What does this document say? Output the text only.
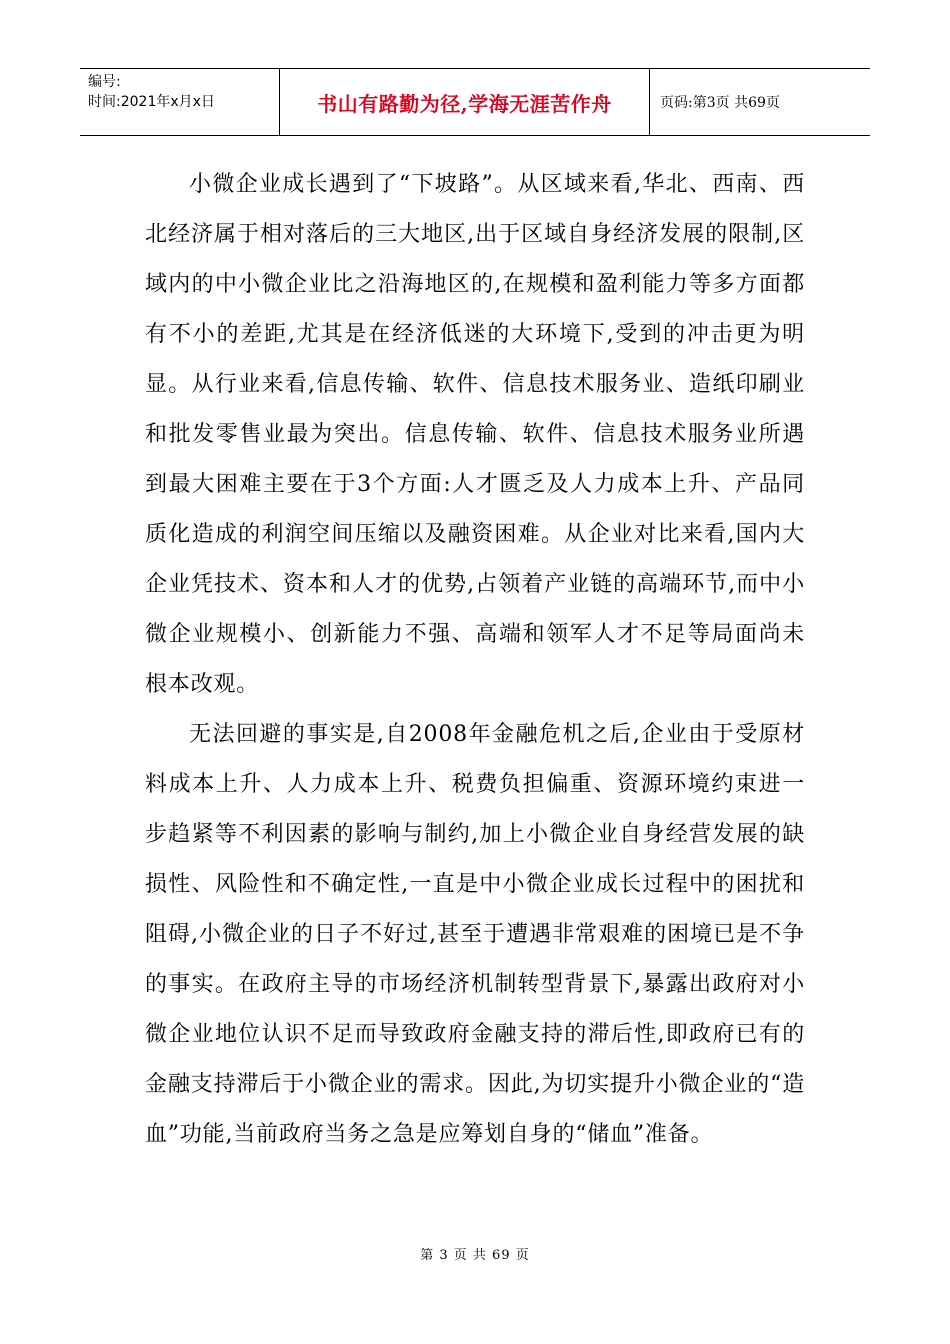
编号:
时间:2021年x月x日	书山有路勤为径,学海无涯苦作舟	页码:第3页 共69页

小微企业成长遇到了“下坡路”。从区域来看,华北、西南、西北经济属于相对落后的三大地区,出于区域自身经济发展的限制,区域内的中小微企业比之沿海地区的,在规模和盈利能力等多方面都有不小的差距,尤其是在经济低迷的大环境下,受到的冲击更为明显。从行业来看,信息传输、软件、信息技术服务业、造纸印刷业和批发零售业最为突出。信息传输、软件、信息技术服务业所遇到最大困难主要在于3个方面:人才匮乏及人力成本上升、产品同质化造成的利润空间压缩以及融资困难。从企业对比来看,国内大企业凭技术、资本和人才的优势,占领着产业链的高端环节,而中小微企业规模小、创新能力不强、高端和领军人才不足等局面尚未根本改观。

无法回避的事实是,自2008年金融危机之后,企业由于受原材料成本上升、人力成本上升、税费负担偏重、资源环境约束进一步趋紧等不利因素的影响与制约,加上小微企业自身经营发展的缺损性、风险性和不确定性,一直是中小微企业成长过程中的困扰和阻碍,小微企业的日子不好过,甚至于遭遇非常艰难的困境已是不争的事实。在政府主导的市场经济机制转型背景下,暴露出政府对小微企业地位认识不足而导致政府金融支持的滞后性,即政府已有的金融支持滞后于小微企业的需求。因此,为切实提升小微企业的“造血”功能,当前政府当务之急是应筹划自身的“储血”准备。

第 3 页 共 69 页
